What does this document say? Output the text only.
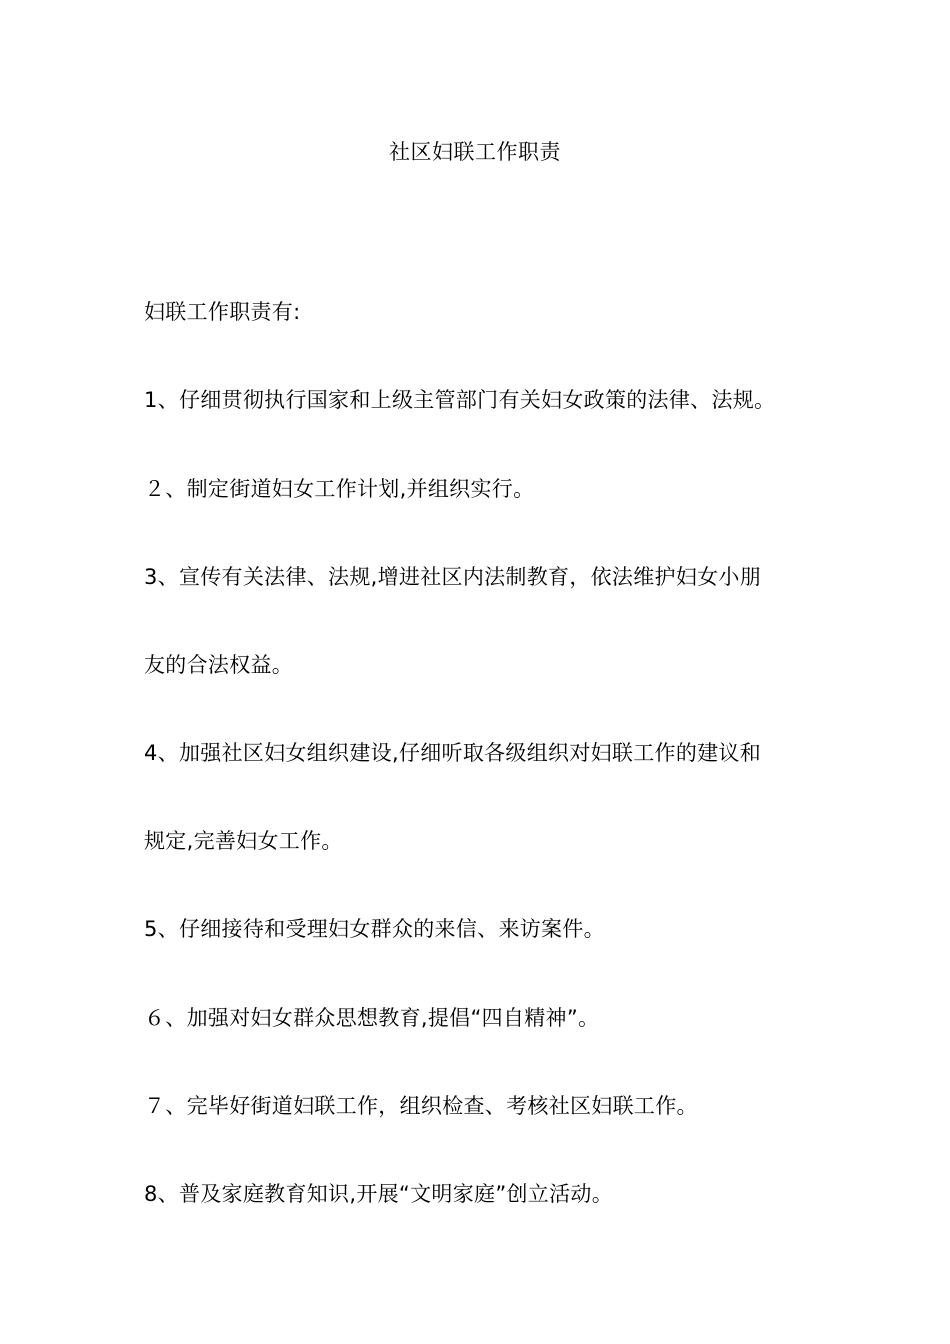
社区妇联工作职责
妇联工作职责有:
1、仔细贯彻执行国家和上级主管部门有关妇女政策的法律、法规。
２、制定街道妇女工作计划,并组织实行。
3、宣传有关法律、法规,增进社区内法制教育，依法维护妇女小朋
友的合法权益。
4、加强社区妇女组织建设,仔细听取各级组织对妇联工作的建议和
规定,完善妇女工作。
5、仔细接待和受理妇女群众的来信、来访案件。
６、加强对妇女群众思想教育,提倡“四自精神”。
７、完毕好街道妇联工作，组织检查、考核社区妇联工作。
8、普及家庭教育知识,开展“文明家庭”创立活动。
